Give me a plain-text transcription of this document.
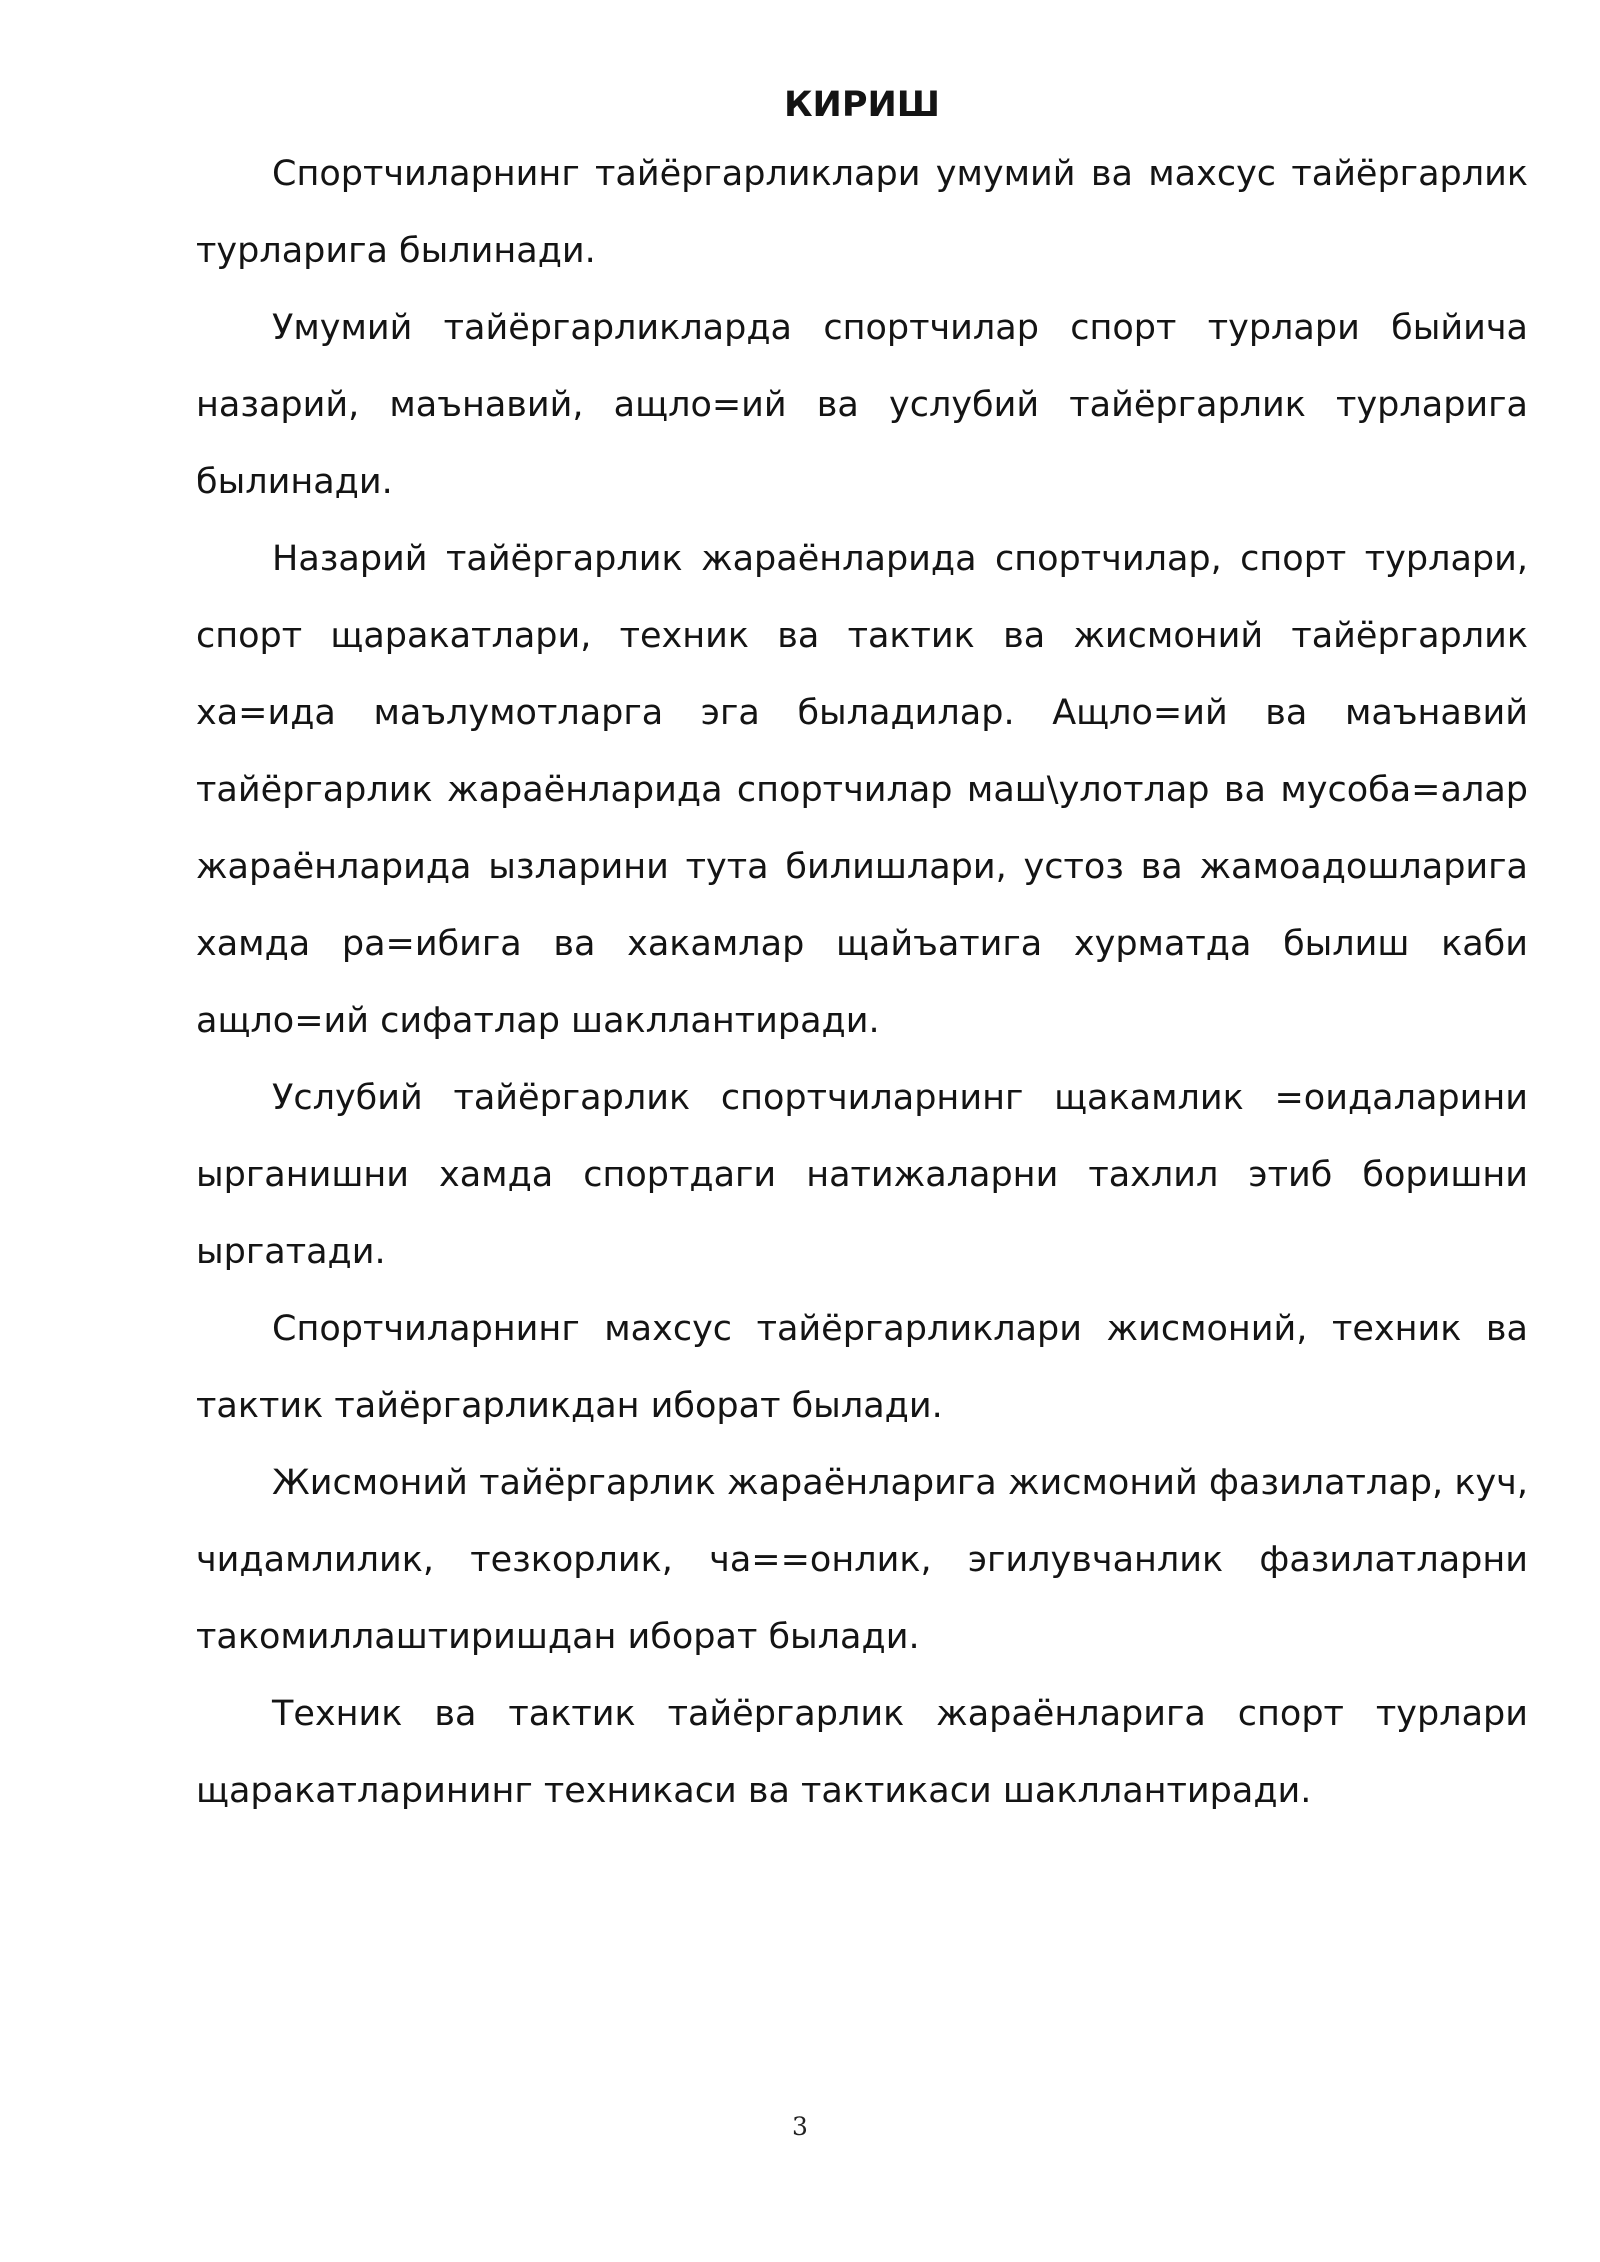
КИРИШ

Спортчиларнинг тайёргарликлари умумий ва махсус тайёргарлик турларига былинади.

Умумий тайёргарликларда спортчилар спорт турлари быйича назарий, маънавий, ащло=ий ва услубий тайёргарлик турларига былинади.

Назарий тайёргарлик жараёнларида спортчилар, спорт турлари, спорт щаракатлари, техник ва тактик ва жисмоний тайёргарлик ха=ида маълумотларга эга быладилар. Ащло=ий ва маънавий тайёргарлик жараёнларида спортчилар маш\улотлар ва мусоба=алар жараёнларида ызларини тута билишлари, устоз ва жамоадошларига хамда ра=ибига ва хакамлар щайъатига хурматда былиш каби ащло=ий сифатлар шакллантиради.

Услубий тайёргарлик спортчиларнинг щакамлик =оидаларини ырганишни хамда спортдаги натижаларни тахлил этиб боришни ыргатади.

Спортчиларнинг махсус тайёргарликлари жисмоний, техник ва тактик тайёргарликдан иборат былади.

Жисмоний тайёргарлик жараёнларига жисмоний фазилатлар, куч, чидамлилик, тезкорлик, ча==онлик, эгилувчанлик фазилатларни такомиллаштиришдан иборат былади.

Техник ва тактик тайёргарлик жараёнларига спорт турлари щаракатларининг техникаси ва тактикаси шакллантиради.

3
